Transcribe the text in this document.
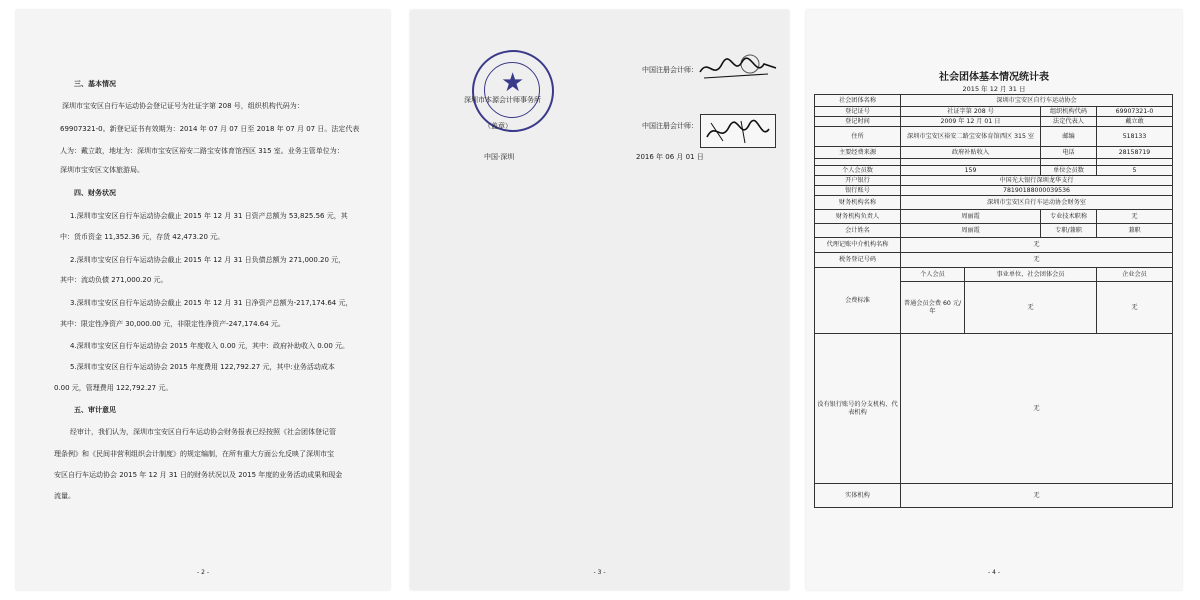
三、基本情况
深圳市宝安区自行车运动协会登记证号为社证字第 208 号，组织机构代码为：
69907321-0。新登记证书有效期为：2014 年 07 月 07 日至 2018 年 07 月 07 日。法定代表
人为：戴立敢，地址为：深圳市宝安区裕安二路宝安体育馆西区 315 室。业务主管单位为：
深圳市宝安区文体旅游局。
四、财务状况
1.深圳市宝安区自行车运动协会截止 2015 年 12 月 31 日资产总额为 53,825.56 元，其
中：货币资金 11,352.36 元，存货 42,473.20 元。
2.深圳市宝安区自行车运动协会截止 2015 年 12 月 31 日负债总额为 271,000.20 元，
其中：流动负债 271,000.20 元。
3.深圳市宝安区自行车运动协会截止 2015 年 12 月 31 日净资产总额为-217,174.64 元，
其中：限定性净资产 30,000.00 元，非限定性净资产-247,174.64 元。
4.深圳市宝安区自行车运动协会 2015 年度收入 0.00 元，其中：政府补助收入 0.00 元。
5.深圳市宝安区自行车运动协会 2015 年度费用 122,792.27 元，其中:业务活动成本
0.00 元，管理费用 122,792.27 元。
五、审计意见
经审计，我们认为，深圳市宝安区自行车运动协会财务报表已经按照《社会团体登记管
理条例》和《民间非营利组织会计制度》的规定编制，在所有重大方面公允反映了深圳市宝
安区自行车运动协会 2015 年 12 月 31 日的财务状况以及 2015 年度的业务活动成果和现金
流量。
- 2 -
★
深圳市本源会计师事务所
（盖章）
中国注册会计师：
中国注册会计师：
中国·深圳	2016 年 06 月 01 日
- 3 -
社会团体基本情况统计表
2015 年 12 月 31 日
社会团体名称	深圳市宝安区自行车运动协会			
登记证号	社证字第 208 号		组织机构代码	69907321-0
登记时间	2009 年 12 月 01 日		法定代表人	戴立敢
住所	深圳市宝安区裕安二路宝安体育馆西区 315 室		邮编	518133
主要经费来源	政府补贴收入		电话	28158719

个人会员数	159		单位会员数	5
开户银行	中国光大银行深圳龙华支行			
银行账号	78190188000039536			
财务机构名称	深圳市宝安区自行车运动协会财务室			
财务机构负责人	周丽霞		专业技术职称	无
会计姓名	周丽霞		专职/兼职	兼职
代理记账中介机构名称	无			
税务登记号码	无			
会费标准	个人会员	事业单位、社会团体会员		企业会员
	普通会员会费 60 元/年	无		无
没有银行账号的分支机构、代表机构	无			
实体机构	无			
- 4 -
